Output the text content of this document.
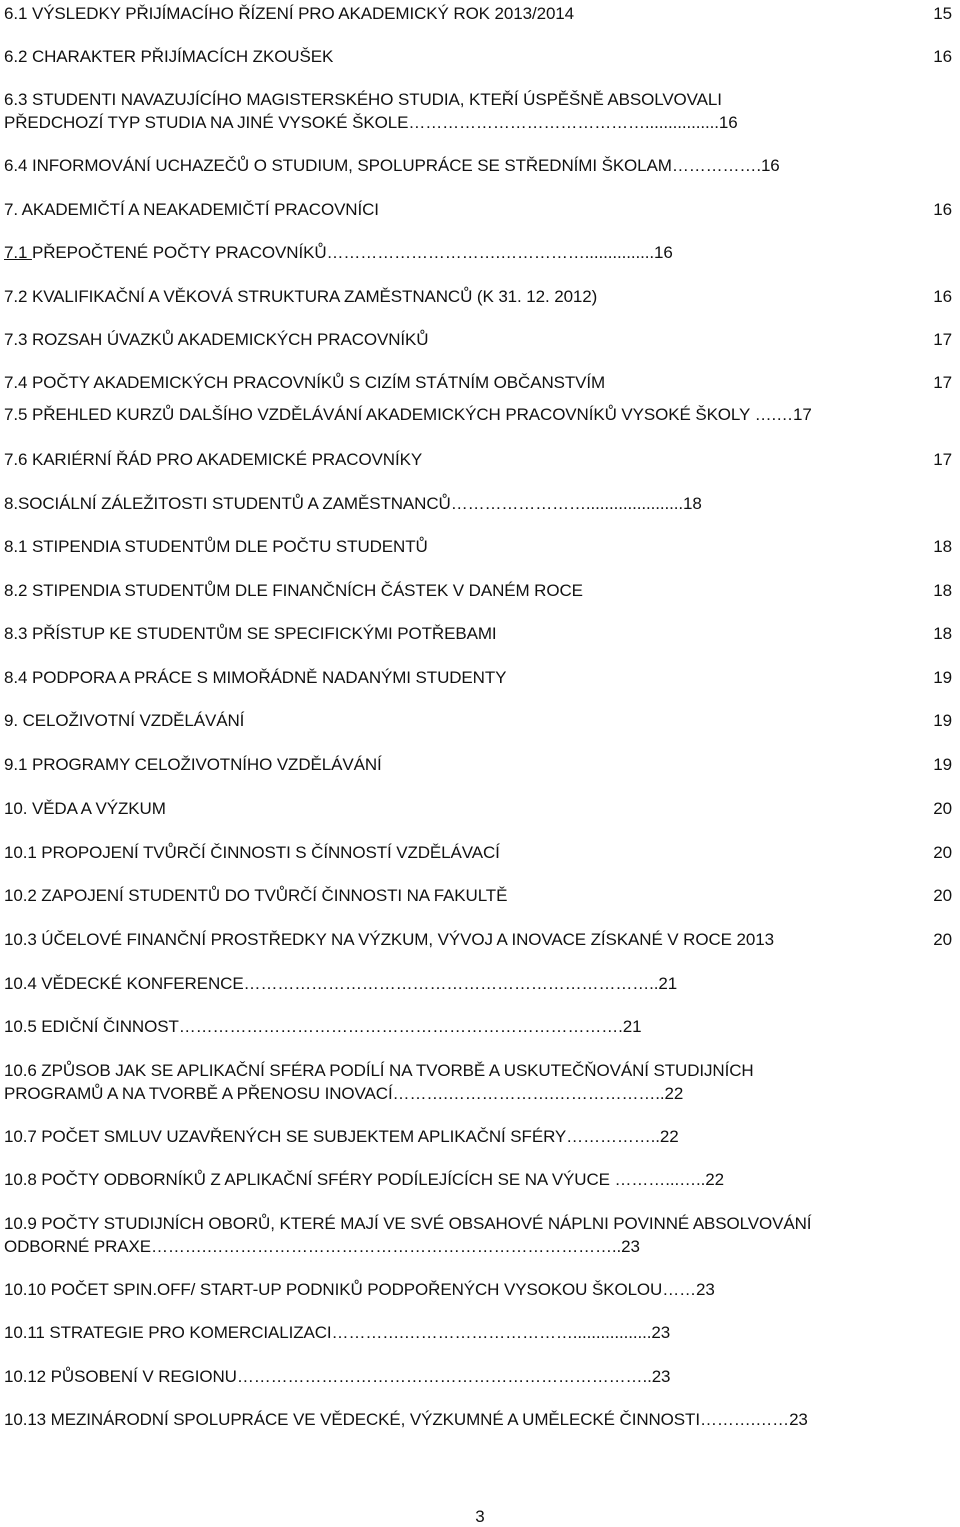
6.1 VÝSLEDKY PŘIJÍMACÍHO ŘÍZENÍ PRO AKADEMICKÝ ROK 2013/2014	15
6.2 CHARAKTER PŘIJÍMACÍCH ZKOUŠEK	16
6.3 STUDENTI NAVAZUJÍCÍHO MAGISTERSKÉHO STUDIA, KTEŘÍ ÚSPĚŠNĚ ABSOLVOVALI
PŘEDCHOZÍ TYP STUDIA NA JINÉ VYSOKÉ ŠKOLE……………………………………................16
6.4 INFORMOVÁNÍ UCHAZEČŮ O STUDIUM, SPOLUPRÁCE SE STŘEDNÍMI ŠKOLAM…………….16
7. AKADEMIČTÍ A NEAKADEMIČTÍ PRACOVNÍCI	16
7.1 PŘEPOČTENÉ POČTY PRACOVNÍKŮ………………………….……………...............16
7.2 KVALIFIKAČNÍ A VĚKOVÁ STRUKTURA ZAMĚSTNANCŮ (K 31. 12. 2012)	16
7.3 ROZSAH ÚVAZKŮ AKADEMICKÝCH PRACOVNÍKŮ	17
7.4 POČTY AKADEMICKÝCH PRACOVNÍKŮ S CIZÍM STÁTNÍM OBČANSTVÍM	17
7.5 PŘEHLED KURZŮ DALŠÍHO VZDĚLÁVÁNÍ AKADEMICKÝCH PRACOVNÍKŮ VYSOKÉ ŠKOLY ….…17
7.6 KARIÉRNÍ ŘÁD PRO AKADEMICKÉ PRACOVNÍKY	17
8.SOCIÁLNÍ ZÁLEŽITOSTI STUDENTŮ A ZAMĚSTNANCŮ…………………….....................18
8.1 STIPENDIA STUDENTŮM DLE POČTU STUDENTŮ	18
8.2 STIPENDIA STUDENTŮM DLE FINANČNÍCH ČÁSTEK V DANÉM ROCE	18
8.3 PŘÍSTUP KE STUDENTŮM SE SPECIFICKÝMI POTŘEBAMI	18
8.4 PODPORA A PRÁCE S MIMOŘÁDNĚ NADANÝMI STUDENTY	19
9. CELOŽIVOTNÍ VZDĚLÁVÁNÍ	19
9.1 PROGRAMY CELOŽIVOTNÍHO VZDĚLÁVÁNÍ	19
10. VĚDA A VÝZKUM	20
10.1 PROPOJENÍ TVŮRČÍ ČINNOSTI S ČÍNNOSTÍ VZDĚLÁVACÍ	20
10.2 ZAPOJENÍ STUDENTŮ DO TVŮRČÍ ČINNOSTI NA FAKULTĚ	20
10.3 ÚČELOVÉ FINANČNÍ PROSTŘEDKY NA VÝZKUM, VÝVOJ A INOVACE ZÍSKANÉ V ROCE 2013	20
10.4 VĚDECKÉ KONFERENCE………………………………………………………………..21
10.5 EDIČNÍ ČINNOST…………………………………………………………………….21
10.6 ZPŮSOB JAK SE APLIKAČNÍ SFÉRA PODÍLÍ NA TVORBĚ A USKUTEČŇOVÁNÍ STUDIJNÍCH
PROGRAMŮ A NA TVORBĚ A PŘENOSU INOVACÍ……….……………….………………..22
10.7 POČET SMLUV UZAVŘENÝCH SE SUBJEKTEM APLIKAČNÍ SFÉRY……………..22
10.8 POČTY ODBORNÍKŮ Z APLIKAČNÍ SFÉRY PODÍLEJÍCÍCH SE NA VÝUCE ………...…..22
10.9 POČTY STUDIJNÍCH OBORŮ, KTERÉ MAJÍ VE SVÉ OBSAHOVÉ NÁPLNI POVINNÉ ABSOLVOVÁNÍ
ODBORNÉ PRAXE……….………………………………………………………………..23
10.10 POČET SPIN.OFF/ START-UP PODNIKŮ PODPOŘENÝCH VYSOKOU ŠKOLOU……23
10.11 STRATEGIE PRO KOMERCIALIZACI………….………………………….................23
10.12 PŮSOBENÍ V REGIONU………………………………………………………………..23
10.13 MEZINÁRODNÍ SPOLUPRÁCE VE VĚDECKÉ, VÝZKUMNÉ A UMĚLECKÉ ČINNOSTI……….……23
3
